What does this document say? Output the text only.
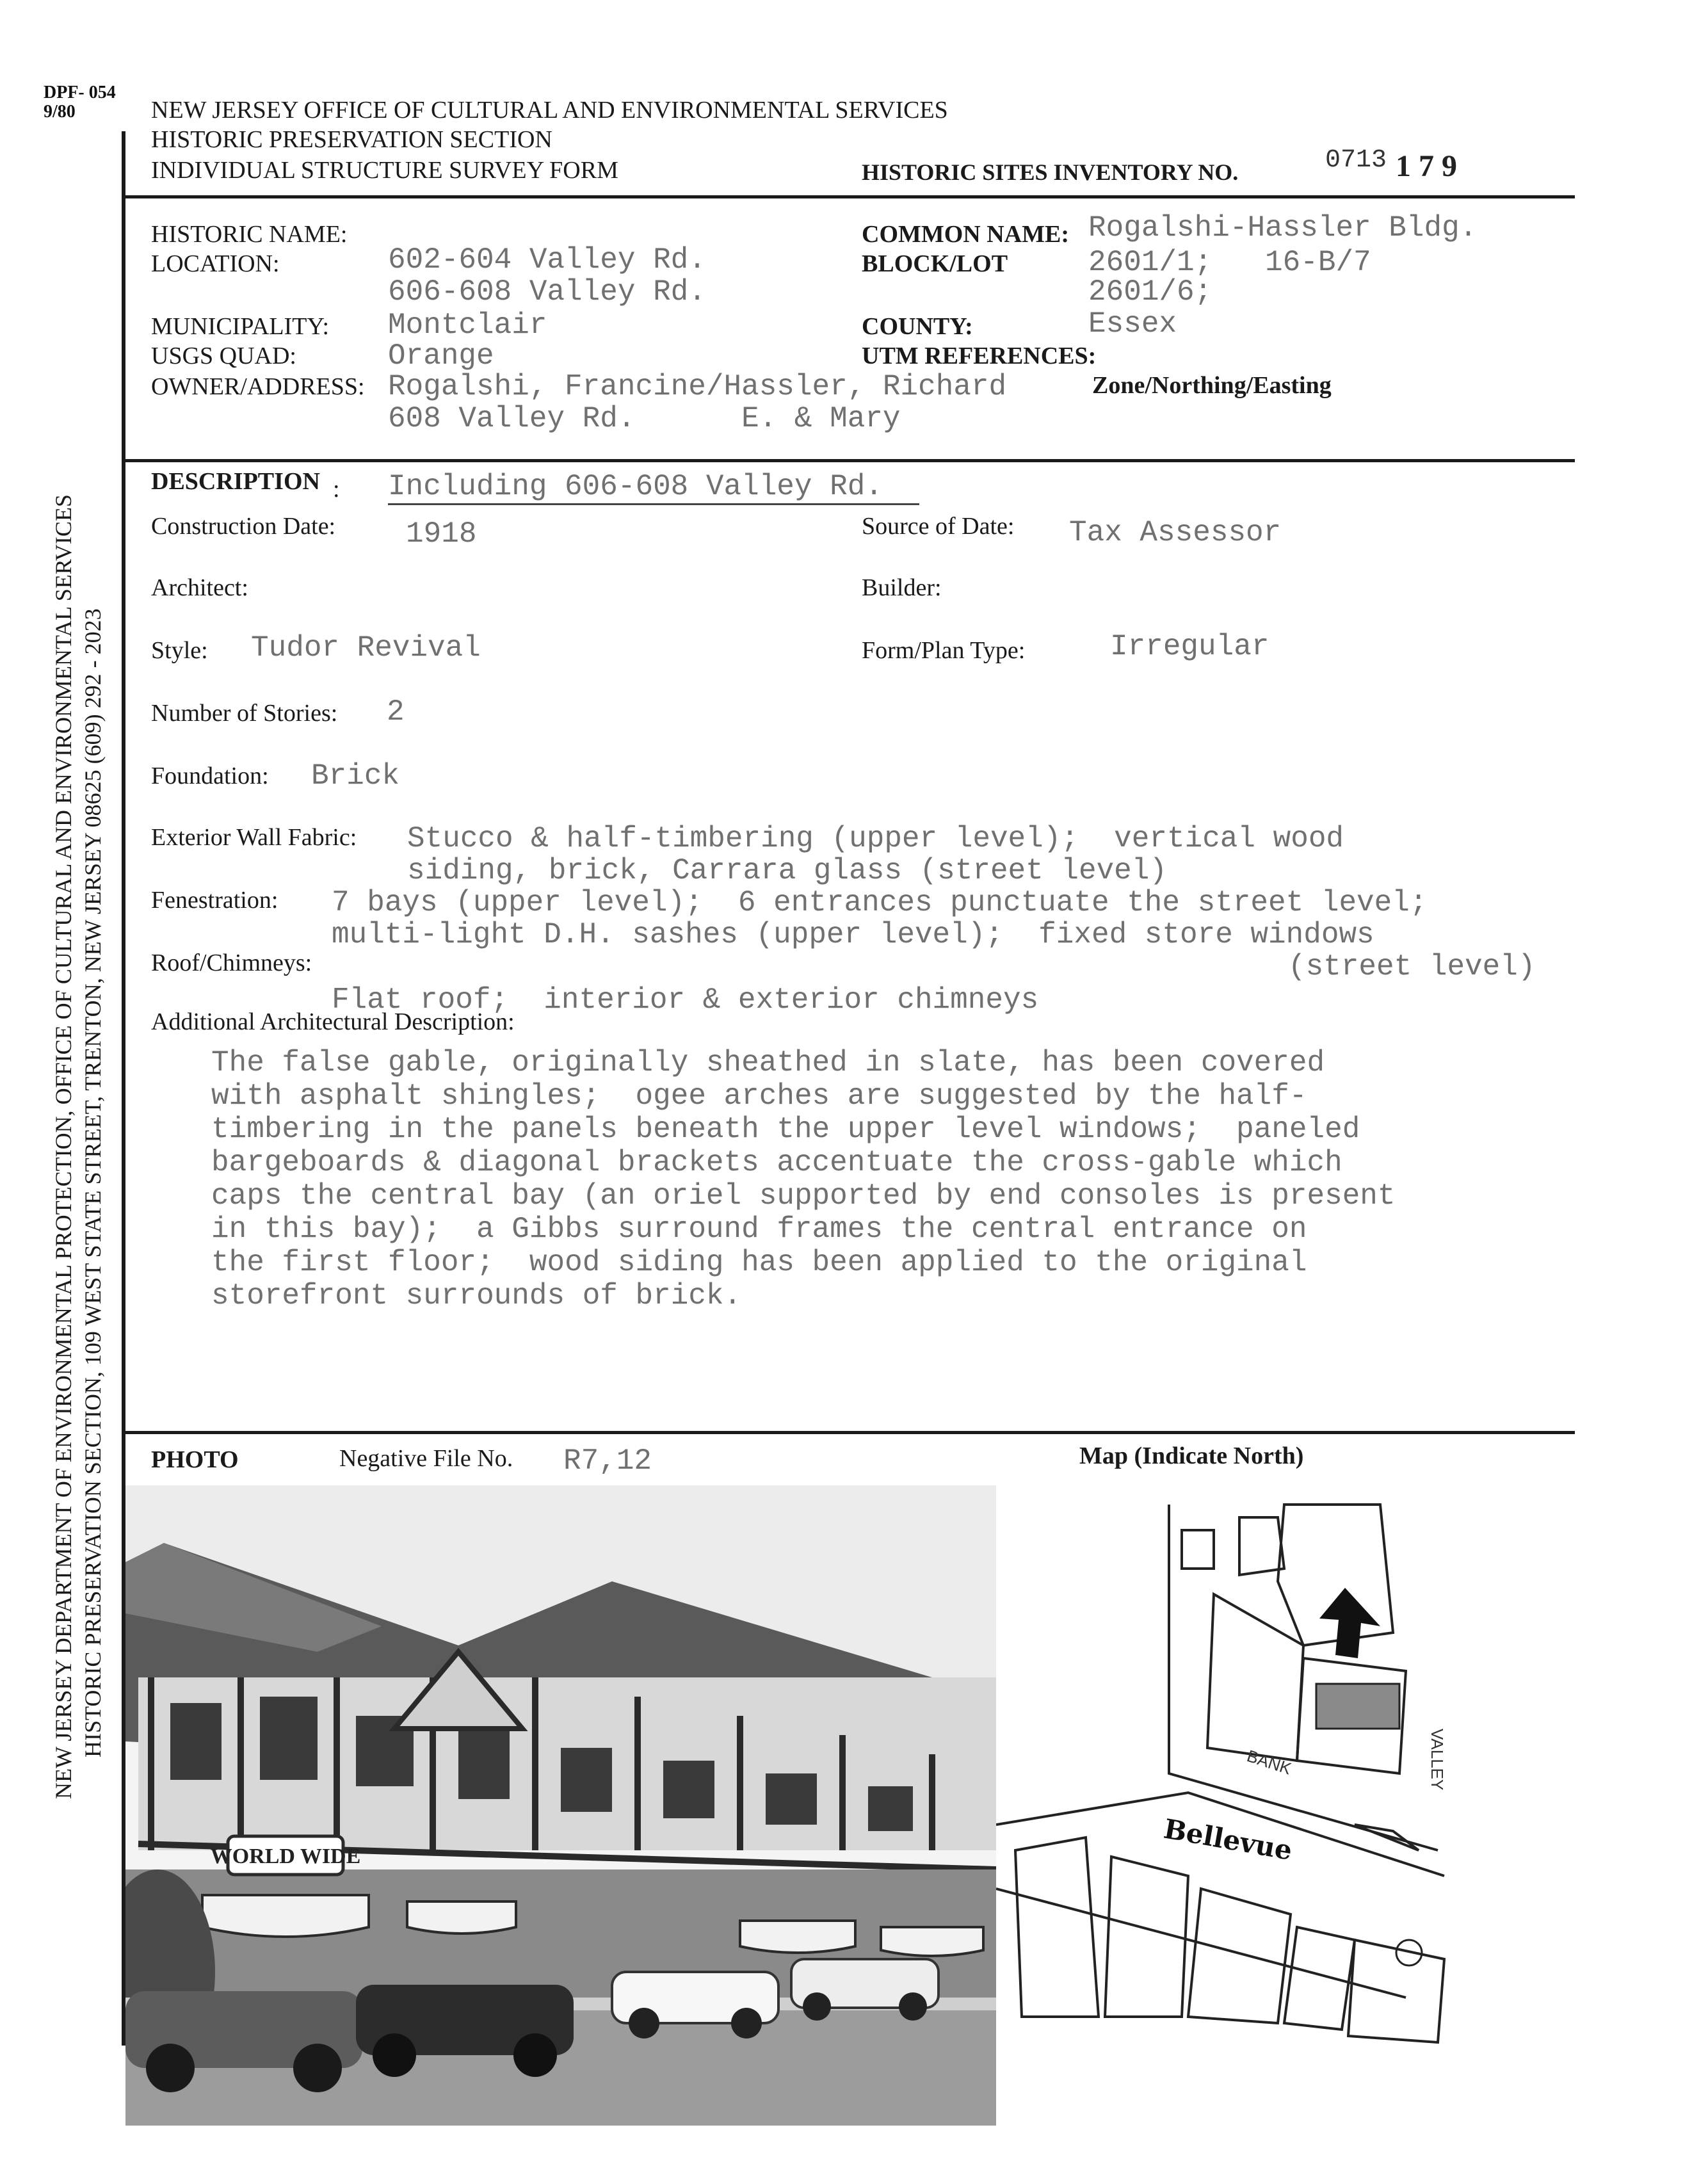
DPF- 054
9/80	NEW JERSEY OFFICE OF CULTURAL AND ENVIRONMENTAL SERVICES
HISTORIC PRESERVATION SECTION
INDIVIDUAL STRUCTURE SURVEY FORM	HISTORIC SITES INVENTORY NO.	0713 1 7 9
NEW JERSEY DEPARTMENT OF ENVIRONMENTAL PROTECTION, OFFICE OF CULTURAL AND ENVIRONMENTAL SERVICES HISTORIC PRESERVATION SECTION, 109 WEST STATE STREET, TRENTON, NEW JERSEY 08625 (609) 292 - 2023
HISTORIC NAME:
LOCATION:	602-604 Valley Rd.
606-608 Valley Rd.
MUNICIPALITY: Montclair
USGS QUAD:	Orange
OWNER/ADDRESS: Rogalshi, Francine/Hassler, Richard
608 Valley Rd.      E. & Mary
COMMON NAME: Rogalshi-Hassler Bldg.
BLOCK/LOT	2601/1;   16-B/7
2601/6;
COUNTY:	Essex
UTM REFERENCES:
Zone/Northing/Easting
DESCRIPTION : Including 606-608 Valley Rd.
Construction Date: 1918	Source of Date: Tax Assessor
Architect:	Builder:
Style: Tudor Revival	Form/Plan Type:	Irregular
Number of Stories: 2
Foundation: Brick
Exterior Wall Fabric: Stucco & half-timbering (upper level);  vertical wood
siding, brick, Carrara glass (street level)
Fenestration: 7 bays (upper level);  6 entrances punctuate the street level;
multi-light D.H. sashes (upper level);  fixed store windows
(street level)
Roof/Chimneys:
Flat roof;  interior & exterior chimneys
Additional Architectural Description:
The false gable, originally sheathed in slate, has been covered
with asphalt shingles;  ogee arches are suggested by the half-
timbering in the panels beneath the upper level windows;  paneled
bargeboards & diagonal brackets accentuate the cross-gable which
caps the central bay (an oriel supported by end consoles is present
in this bay);  a Gibbs surround frames the central entrance on
the first floor;  wood siding has been applied to the original
storefront surrounds of brick.
PHOTO	Negative File No. R7,12	Map (Indicate North)
WORLD WIDE
BANK
Bellevue
VALLEY
